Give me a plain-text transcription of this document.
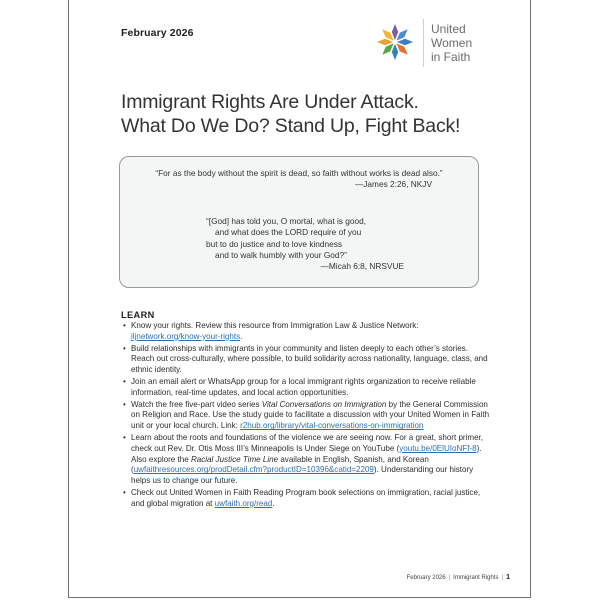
February 2026	United
Women
in Faith
Immigrant Rights Are Under Attack.
What Do We Do? Stand Up, Fight Back!
“For as the body without the spirit is dead, so faith without works is dead also.”
—James 2:26, NKJV
“[God] has told you, O mortal, what is good,
and what does the LORD require of you
but to do justice and to love kindness
and to walk humbly with your God?”
—Micah 6:8, NRSVUE
LEARN
• Know your rights. Review this resource from Immigration Law & Justice Network: iljnetwork.org/know-your-rights.
• Build relationships with immigrants in your community and listen deeply to each other’s stories. Reach out cross-culturally, where possible, to build solidarity across nationality, language, class, and ethnic identity.
• Join an email alert or WhatsApp group for a local immigrant rights organization to receive reliable information, real-time updates, and local action opportunities.
• Watch the free five-part video series Vital Conversations on Immigration by the General Commission on Religion and Race. Use the study guide to facilitate a discussion with your United Women in Faith unit or your local church. Link: r2hub.org/library/vital-conversations-on-immigration
• Learn about the roots and foundations of the violence we are seeing now. For a great, short primer, check out Rev. Dr. Otis Moss III’s Minneapolis Is Under Siege on YouTube (youtu.be/0ElUIoNFf-8). Also explore the Racial Justice Time Line available in English, Spanish, and Korean (uwfaithresources.org/prodDetail.cfm?productID=10396&catid=2209). Understanding our history helps us to change our future.
• Check out United Women in Faith Reading Program book selections on immigration, racial justice, and global migration at uwfaith.org/read.
February 2026 | Immigrant Rights | 1
